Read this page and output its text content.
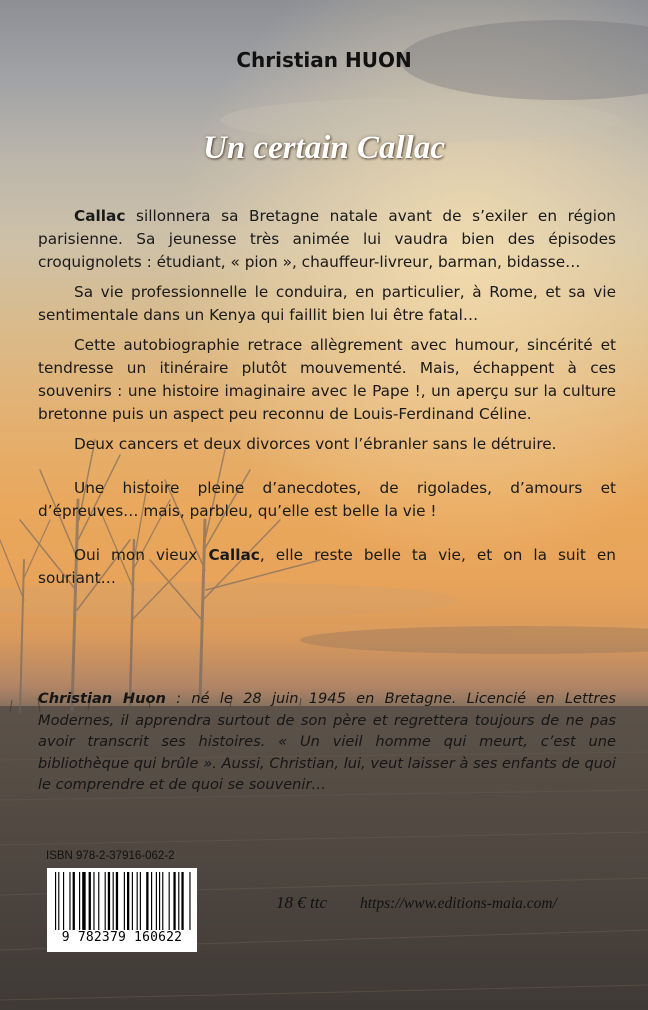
Christian HUON
Un certain Callac

Callac sillonnera sa Bretagne natale avant de s’exiler en région parisienne. Sa jeunesse très animée lui vaudra bien des épisodes croquignolets : étudiant, « pion », chauffeur-livreur, barman, bidasse…

Sa vie professionnelle le conduira, en particulier, à Rome, et sa vie sentimentale dans un Kenya qui faillit bien lui être fatal…

Cette autobiographie retrace allègrement avec humour, sincérité et tendresse un itinéraire plutôt mouvementé. Mais, échappent à ces souvenirs : une histoire imaginaire avec le Pape !, un aperçu sur la culture bretonne puis un aspect peu reconnu de Louis-Ferdinand Céline.

Deux cancers et deux divorces vont l’ébranler sans le détruire.

Une histoire pleine d’anecdotes, de rigolades, d’amours et d’épreuves… mais, parbleu, qu’elle est belle la vie !

Oui mon vieux Callac, elle reste belle ta vie, et on la suit en souriant…

Christian Huon : né le 28 juin 1945 en Bretagne. Licencié en Lettres Modernes, il apprendra surtout de son père et regrettera toujours de ne pas avoir transcrit ses histoires. « Un vieil homme qui meurt, c’est une bibliothèque qui brûle ». Aussi, Christian, lui, veut laisser à ses enfants de quoi le comprendre et de quoi se souvenir…
ISBN 978-2-37916-062-2
9 782379 160622
18 € ttc https://www.editions-maia.com/
